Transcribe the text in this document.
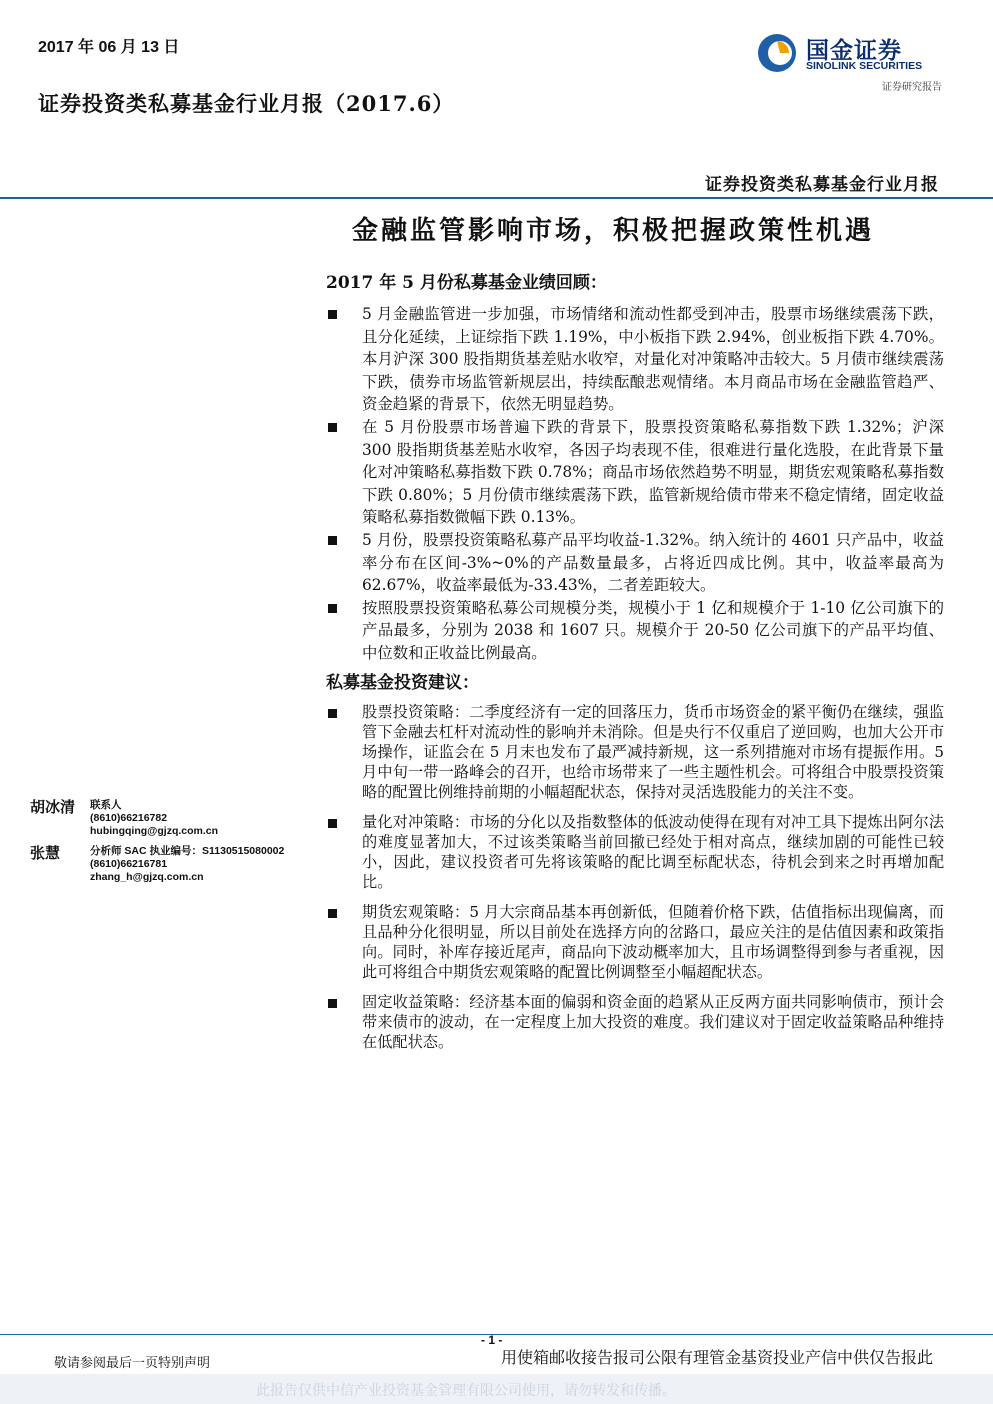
2017 年 06 月 13 日
证券投资类私募基金行业月报（2017.6）
国金证券
SINOLINK SECURITIES
证券研究报告
证券投资类私募基金行业月报
金融监管影响市场，积极把握政策性机遇
2017 年 5 月份私募基金业绩回顾：
5 月金融监管进一步加强，市场情绪和流动性都受到冲击，股票市场继续震荡下跌，且分化延续，上证综指下跌 1.19%，中小板指下跌 2.94%，创业板指下跌 4.70%。本月沪深 300 股指期货基差贴水收窄，对量化对冲策略冲击较大。5 月债市继续震荡下跌，债券市场监管新规层出，持续酝酿悲观情绪。本月商品市场在金融监管趋严、资金趋紧的背景下，依然无明显趋势。
在 5 月份股票市场普遍下跌的背景下，股票投资策略私募指数下跌 1.32%；沪深 300 股指期货基差贴水收窄，各因子均表现不佳，很难进行量化选股，在此背景下量化对冲策略私募指数下跌 0.78%；商品市场依然趋势不明显，期货宏观策略私募指数下跌 0.80%；5 月份债市继续震荡下跌，监管新规给债市带来不稳定情绪，固定收益策略私募指数微幅下跌 0.13%。
5 月份，股票投资策略私募产品平均收益-1.32%。纳入统计的 4601 只产品中，收益率分布在区间-3%~0%的产品数量最多，占将近四成比例。其中，收益率最高为 62.67%，收益率最低为-33.43%，二者差距较大。
按照股票投资策略私募公司规模分类，规模小于 1 亿和规模介于 1-10 亿公司旗下的产品最多，分别为 2038 和 1607 只。规模介于 20-50 亿公司旗下的产品平均值、中位数和正收益比例最高。
私募基金投资建议：
股票投资策略：二季度经济有一定的回落压力，货币市场资金的紧平衡仍在继续，强监管下金融去杠杆对流动性的影响并未消除。但是央行不仅重启了逆回购，也加大公开市场操作，证监会在 5 月末也发布了最严减持新规，这一系列措施对市场有提振作用。5 月中旬一带一路峰会的召开，也给市场带来了一些主题性机会。可将组合中股票投资策略的配置比例维持前期的小幅超配状态，保持对灵活选股能力的关注不变。
量化对冲策略：市场的分化以及指数整体的低波动使得在现有对冲工具下提炼出阿尔法的难度显著加大，不过该类策略当前回撤已经处于相对高点，继续加剧的可能性已较小，因此，建议投资者可先将该策略的配比调至标配状态，待机会到来之时再增加配比。
期货宏观策略：5 月大宗商品基本再创新低，但随着价格下跌，估值指标出现偏离，而且品种分化很明显，所以目前处在选择方向的岔路口，最应关注的是估值因素和政策指向。同时，补库存接近尾声，商品向下波动概率加大，且市场调整得到参与者重视，因此可将组合中期货宏观策略的配置比例调整至小幅超配状态。
固定收益策略：经济基本面的偏弱和资金面的趋紧从正反两方面共同影响债市，预计会带来债市的波动，在一定程度上加大投资的难度。我们建议对于固定收益策略品种维持在低配状态。
胡冰清 联系人
(8610)66216782
hubingqing@gjzq.com.cn
张慧	分析师 SAC 执业编号：S1130515080002
(8610)66216781
zhang_h@gjzq.com.cn
- 1 -
敬请参阅最后一页特别声明	用使箱邮收接告报司公限有理管金基资投业产信中供仅告报此
此报告仅供中信产业投资基金管理有限公司使用，请勿转发和传播。
